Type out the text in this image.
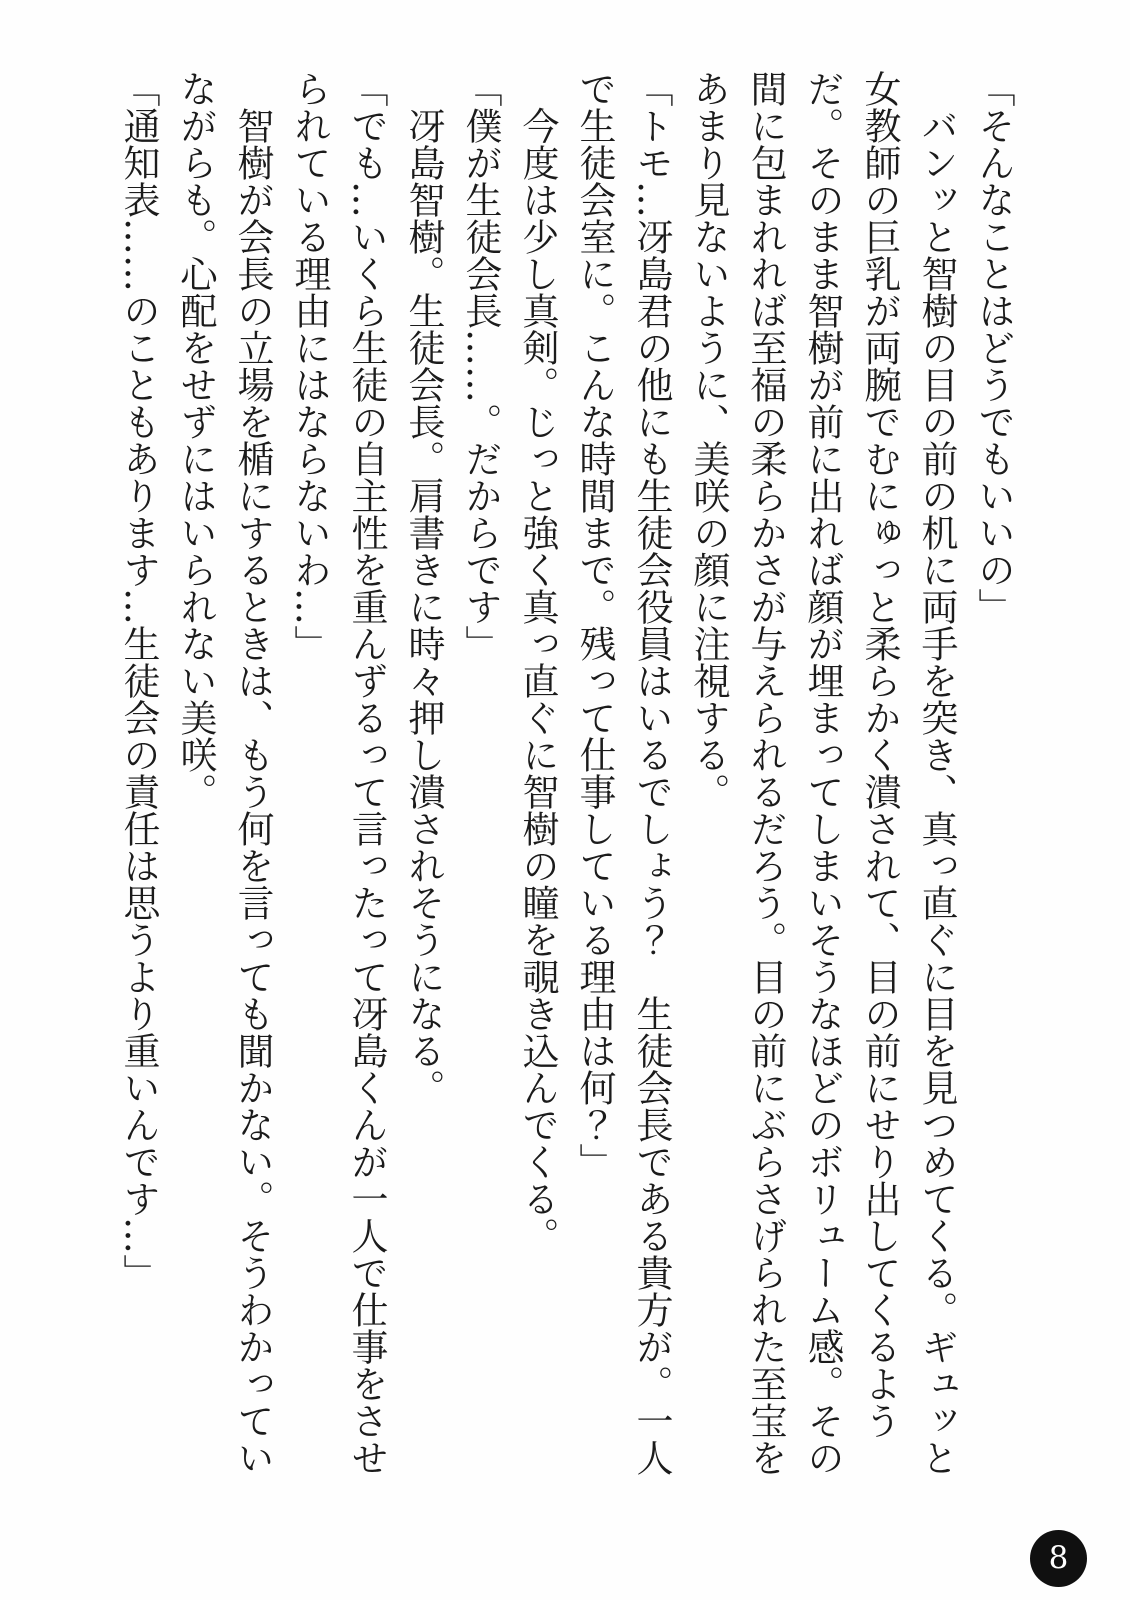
「そんなことはどうでもいいの」

バンッと智樹の目の前の机に両手を突き、真っ直ぐに目を見つめてくる。ギュッと女教師の巨乳が両腕でむにゅっと柔らかく潰されて、目の前にせり出してくるようだ。そのまま智樹が前に出れば顔が埋まってしまいそうなほどのボリューム感。その間に包まれれば至福の柔らかさが与えられるだろう。目の前にぶらさげられた至宝をあまり見ないように、美咲の顔に注視する。

「トモ…冴島君の他にも生徒会役員はいるでしょう？　生徒会長である貴方が。一人で生徒会室に。こんな時間まで。残って仕事している理由は何？」

今度は少し真剣。じっと強く真っ直ぐに智樹の瞳を覗き込んでくる。

「僕が生徒会長……。だからです」

冴島智樹。生徒会長。肩書きに時々押し潰されそうになる。

「でも…いくら生徒の自主性を重んずるって言ったって冴島くんが一人で仕事をさせられている理由にはならないわ…」

智樹が会長の立場を楯にするときは、もう何を言っても聞かない。そうわかっていながらも。心配をせずにはいられない美咲。

「通知表……のこともあります…生徒会の責任は思うより重いんです…」

8
